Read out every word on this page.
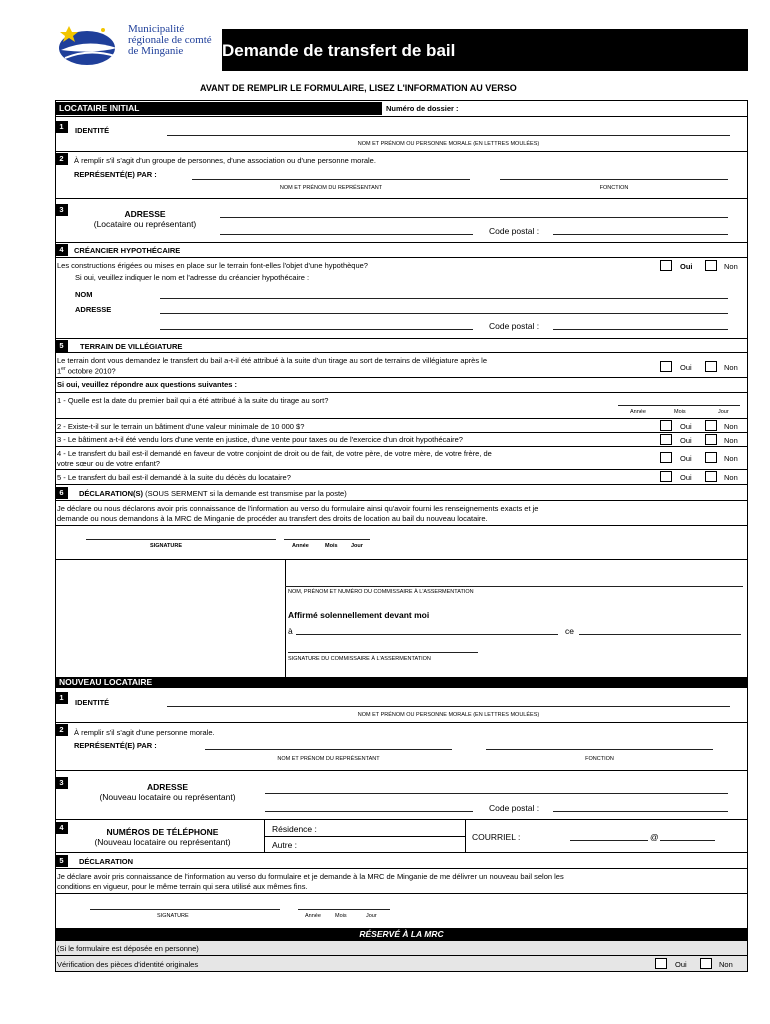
Municipalité
régionale de comté
de Minganie Demande de transfert de bail
AVANT DE REMPLIR LE FORMULAIRE, LISEZ L'INFORMATION AU VERSO
LOCATAIRE INITIAL	Numéro de dossier :
1	IDENTITÉ
NOM ET PRÉNOM OU PERSONNE MORALE (EN LETTRES MOULÉES)
2	À remplir s'il s'agit d'un groupe de personnes, d'une association ou d'une personne morale.
REPRÉSENTÉ(E) PAR :
NOM ET PRÉNOM DU REPRÉSENTANT	FONCTION
3	ADRESSE
(Locataire ou représentant)
Code postal :
4	CRÉANCIER HYPOTHÉCAIRE
Les constructions érigées ou mises en place sur le terrain font-elles l'objet d'une hypothèque?
Si oui, veuillez indiquer le nom et l'adresse du créancier hypothécaire :
Oui	Non
NOM
ADRESSE
Code postal :
5	TERRAIN DE VILLÉGIATURE
Le terrain dont vous demandez le transfert du bail a-t-il été attribué à la suite d'un tirage au sort de terrains de villégiature après le
1er octobre 2010?	Oui	Non
Si oui, veuillez répondre aux questions suivantes :
1 - Quelle est la date du premier bail qui a été attribué à la suite du tirage au sort?
Année	Mois	Jour
2 - Existe-t-il sur le terrain un bâtiment d'une valeur minimale de 10 000 $?	Oui	Non
3 - Le bâtiment a-t-il été vendu lors d'une vente en justice, d'une vente pour taxes ou de l'exercice d'un droit hypothécaire?	Oui	Non
4 - Le transfert du bail est-il demandé en faveur de votre conjoint de droit ou de fait, de votre père, de votre mère, de votre frère, de
votre sœur ou de votre enfant?
Oui	Non
5 - Le transfert du bail est-il demandé à la suite du décès du locataire?	Oui	Non
6	DÉCLARATION(S) (SOUS SERMENT si la demande est transmise par la poste)
Je déclare ou nous déclarons avoir pris connaissance de l'information au verso du formulaire ainsi qu'avoir fourni les renseignements exacts et je
demande ou nous demandons à la MRC de Minganie de procéder au transfert des droits de location au bail du nouveau locataire.
SIGNATURE	Année	Mois Jour
NOM, PRÉNOM ET NUMÉRO DU COMMISSAIRE À L'ASSERMENTATION
Affirmé solennellement devant moi
à	ce
SIGNATURE DU COMMISSAIRE À L'ASSERMENTATION
NOUVEAU LOCATAIRE
1
IDENTITÉ
NOM ET PRÉNOM OU PERSONNE MORALE (EN LETTRES MOULÉES)
2	À remplir s'il s'agit d'une personne morale.
REPRÉSENTÉ(E) PAR :
NOM ET PRÉNOM DU REPRÉSENTANT	FONCTION
3	ADRESSE
(Nouveau locataire ou représentant)
Code postal :
4	NUMÉROS DE TÉLÉPHONE
(Nouveau locataire ou représentant)
Résidence :
Autre :
COURRIEL :	@
5	DÉCLARATION
Je déclare avoir pris connaissance de l'information au verso du formulaire et je demande à la MRC de Minganie de me délivrer un nouveau bail selon les
conditions en vigueur, pour le même terrain qui sera utilisé aux mêmes fins.
SIGNATURE	Année	Mois	Jour
RÉSERVÉ À LA MRC
(Si le formulaire est déposée en personne)
Vérification des pièces d'identité originales	Oui	Non
